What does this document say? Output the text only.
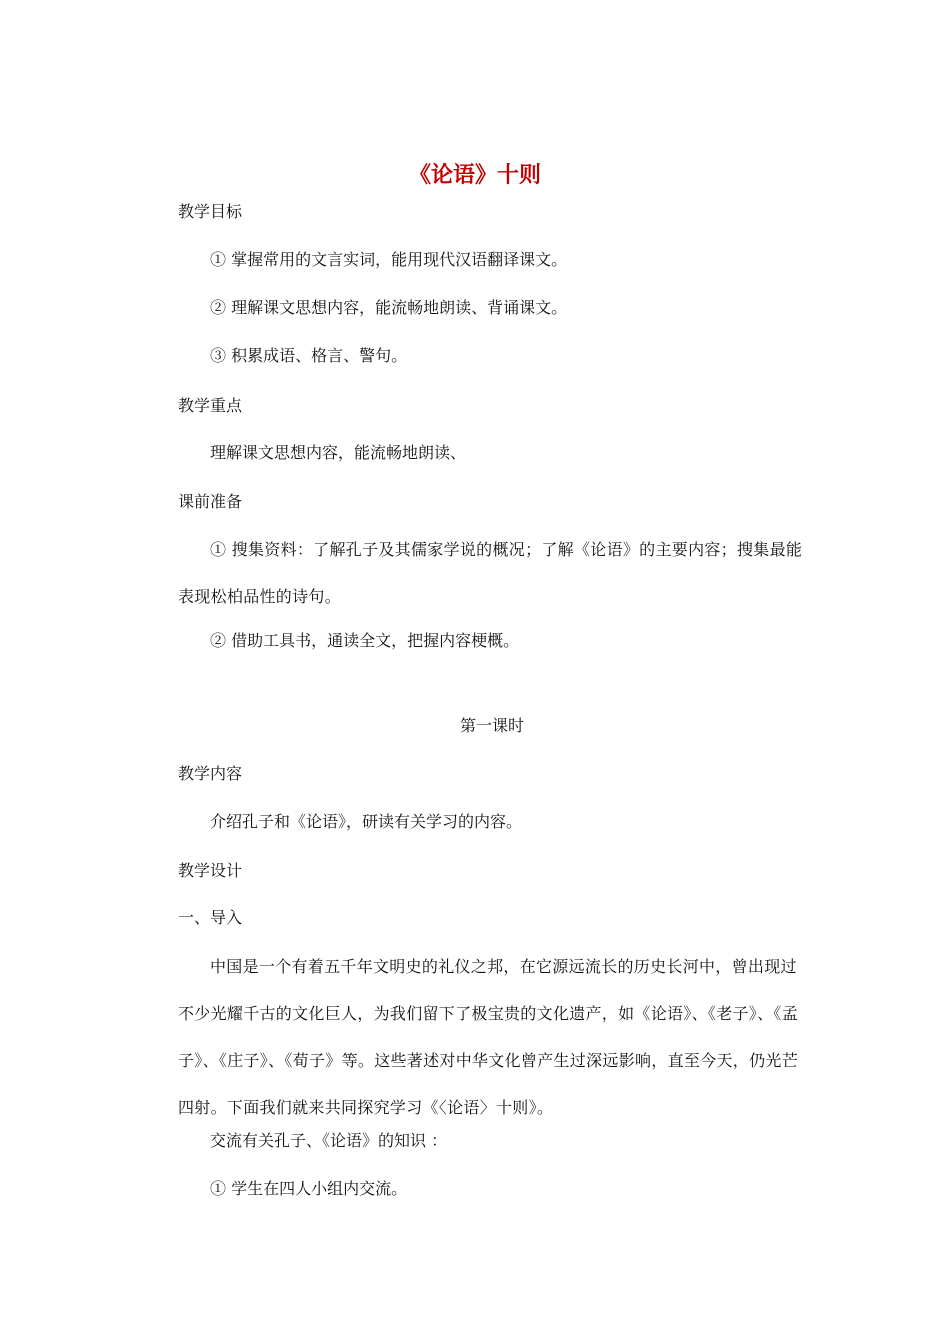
《论语》十则
教学目标
① 掌握常用的文言实词，能用现代汉语翻译课文。
② 理解课文思想内容，能流畅地朗读、背诵课文。
③ 积累成语、格言、警句。
教学重点
理解课文思想内容，能流畅地朗读、
课前准备
① 搜集资料：了解孔子及其儒家学说的概况；了解《论语》的主要内容；搜集最能表现松柏品性的诗句。
② 借助工具书，通读全文，把握内容梗概。
第一课时
教学内容
介绍孔子和《论语》，研读有关学习的内容。
教学设计
一、导入
中国是一个有着五千年文明史的礼仪之邦，在它源远流长的历史长河中，曾出现过不少光耀千古的文化巨人，为我们留下了极宝贵的文化遗产，如《论语》、《老子》、《孟子》、《庄子》、《荀子》等。这些著述对中华文化曾产生过深远影响，直至今天，仍光芒四射。下面我们就来共同探究学习《〈论语〉十则》。
交流有关孔子、《论语》的知识 ：
① 学生在四人小组内交流。
